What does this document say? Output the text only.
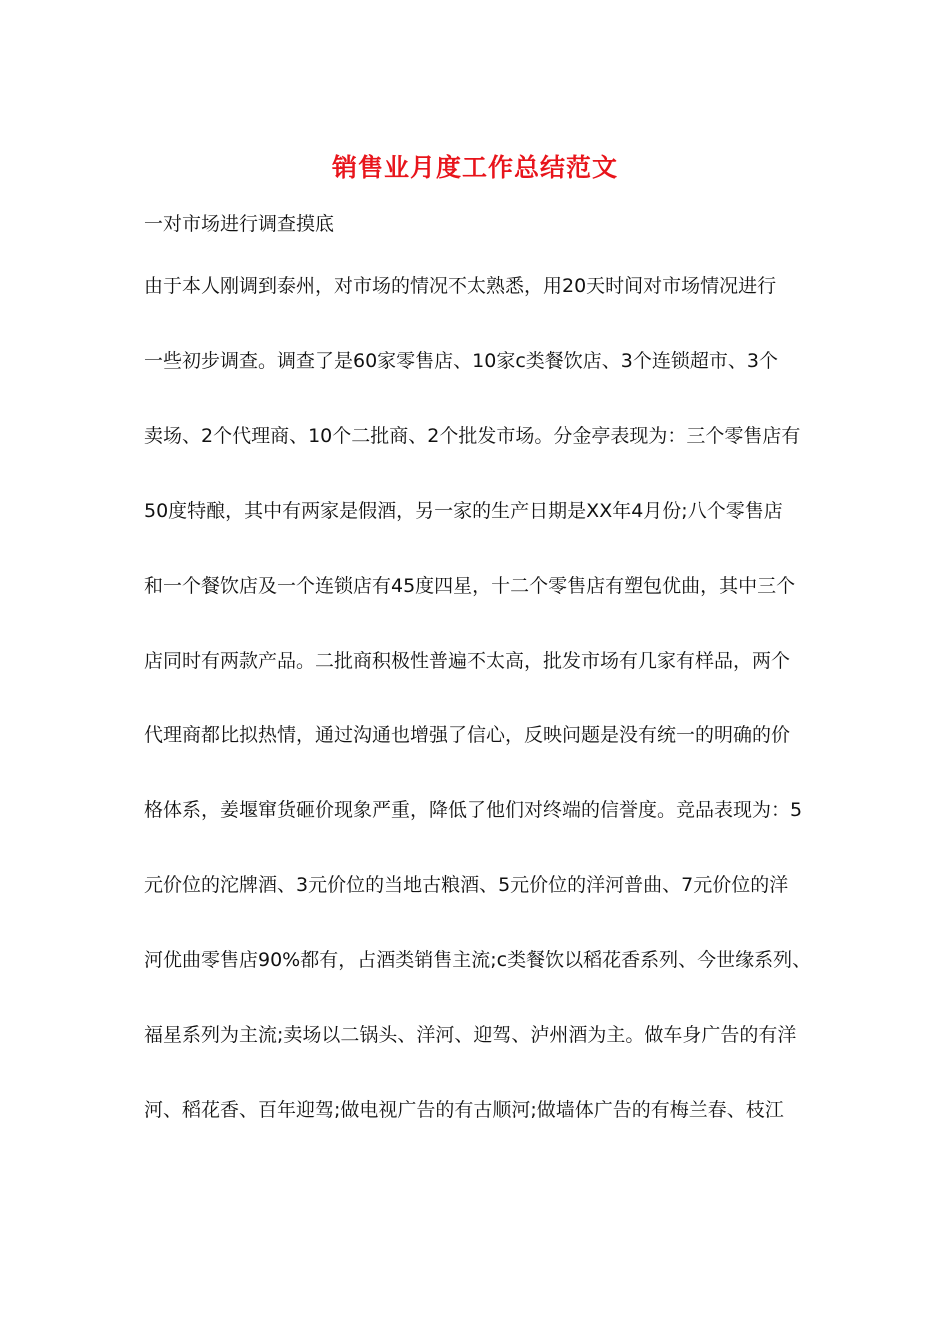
销售业月度工作总结范文
一对市场进行调查摸底
由于本人刚调到泰州，对市场的情况不太熟悉，用20天时间对市场情况进行
一些初步调查。调查了是60家零售店、10家c类餐饮店、3个连锁超市、3个
卖场、2个代理商、10个二批商、2个批发市场。分金亭表现为：三个零售店有
50度特酿，其中有两家是假酒，另一家的生产日期是XX年4月份;八个零售店
和一个餐饮店及一个连锁店有45度四星，十二个零售店有塑包优曲，其中三个
店同时有两款产品。二批商积极性普遍不太高，批发市场有几家有样品，两个
代理商都比拟热情，通过沟通也增强了信心，反映问题是没有统一的明确的价
格体系，姜堰窜货砸价现象严重，降低了他们对终端的信誉度。竞品表现为：5
元价位的沱牌酒、3元价位的当地古粮酒、5元价位的洋河普曲、7元价位的洋
河优曲零售店90%都有，占酒类销售主流;c类餐饮以稻花香系列、今世缘系列、
福星系列为主流;卖场以二锅头、洋河、迎驾、泸州酒为主。做车身广告的有洋
河、稻花香、百年迎驾;做电视广告的有古顺河;做墙体广告的有梅兰春、枝江
